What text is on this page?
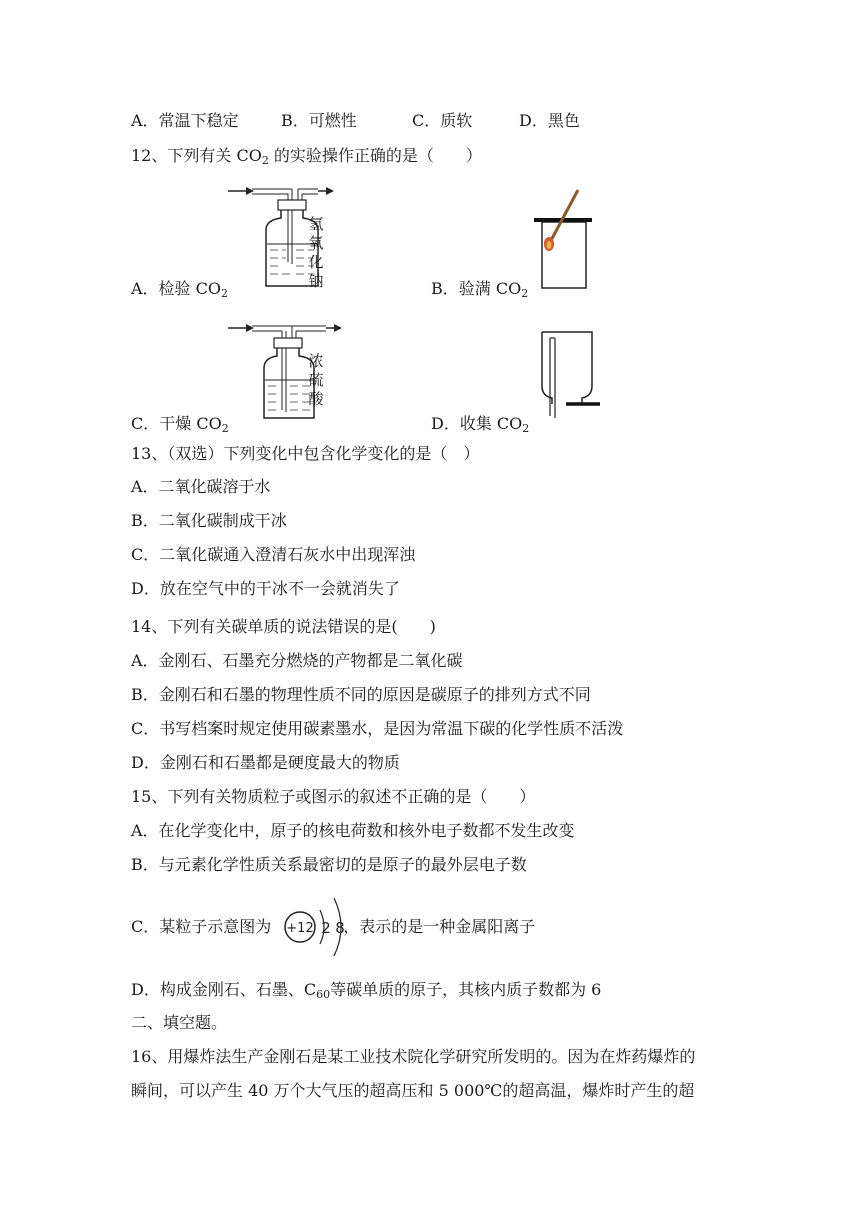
A．常温下稳定	B．可燃性	C．质软	D．黑色
12、下列有关 $CO_2$ 的实验操作正确的是（　　）
氢
氧
化
钠
A．检验 $CO_2$	B．验满 $CO_2$
浓
硫
酸
C．干燥 $CO_2$	D．收集 $CO_2$
13、（双选）下列变化中包含化学变化的是（　）
A．二氧化碳溶于水
B．二氧化碳制成干冰
C．二氧化碳通入澄清石灰水中出现浑浊
D．放在空气中的干冰不一会就消失了
14、下列有关碳单质的说法错误的是(　　)
A．金刚石、石墨充分燃烧的产物都是二氧化碳
B．金刚石和石墨的物理性质不同的原因是碳原子的排列方式不同
C．书写档案时规定使用碳素墨水，是因为常温下碳的化学性质不活泼
D．金刚石和石墨都是硬度最大的物质
15、下列有关物质粒子或图示的叙述不正确的是（　　）
A．在化学变化中，原子的核电荷数和核外电子数都不发生改变
B．与元素化学性质关系最密切的是原子的最外层电子数
C．某粒子示意图为	，表示的是一种金属阳离子
+12 2 8
D．构成金刚石、石墨、$C_{60}$等碳单质的原子，其核内质子数都为 6
二、填空题。
16、用爆炸法生产金刚石是某工业技术院化学研究所发明的。因为在炸药爆炸的
瞬间，可以产生 40 万个大气压的超高压和 5 000℃的超高温，爆炸时产生的超
